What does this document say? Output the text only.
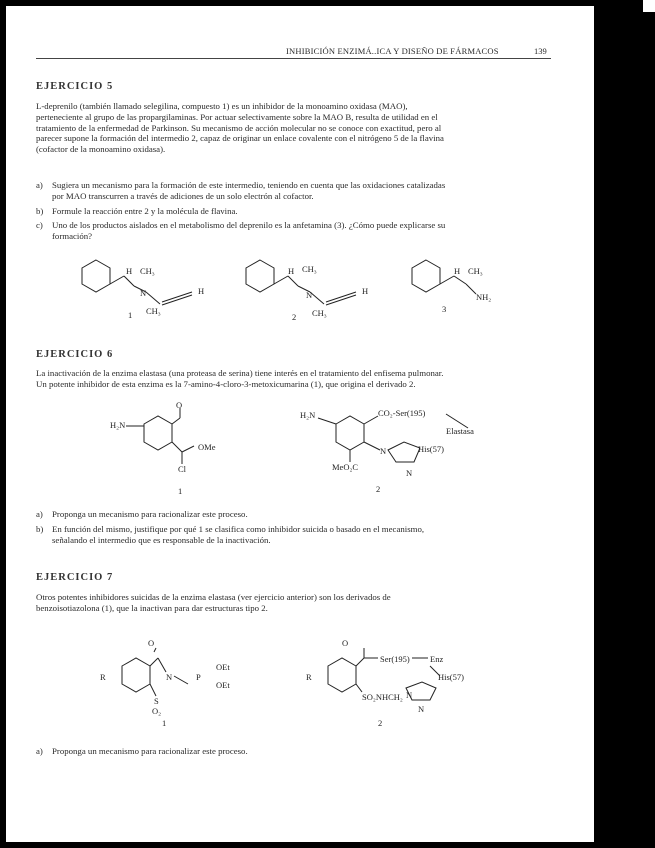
INHIBICIÓN ENZIMÁ..ICA Y DISEÑO DE FÁRMACOS	139
EJERCICIO 5
L-deprenilo (también llamado selegilina, compuesto 1) es un inhibidor de la monoamino oxidasa (MAO),
perteneciente al grupo de las propargilaminas. Por actuar selectivamente sobre la MAO B, resulta de utilidad en el
tratamiento de la enfermedad de Parkinson. Su mecanismo de acción molecular no se conoce con exactitud, pero al
parecer supone la formación del intermedio 2, capaz de originar un enlace covalente con el nitrógeno 5 de la flavina
(cofactor de la monoamino oxidasa).
a) Sugiera un mecanismo para la formación de este intermedio, teniendo en cuenta que las oxidaciones catalizadas
por MAO transcurren a través de adiciones de un solo electrón al cofactor.
b) Formule la reacción entre 2 y la molécula de flavina.
c) Uno de los productos aislados en el metabolismo del deprenilo es la anfetamina (3). ¿Cómo puede explicarse su
formación?
H CH₃
N
CH₃
H
1
H CH₃
N
CH₃
H
2
H CH₃
NH₂
3
EJERCICIO 6
La inactivación de la enzima elastasa (una proteasa de serina) tiene interés en el tratamiento del enfisema pulmonar.
Un potente inhibidor de esta enzima es la 7-amino-4-cloro-3-metoxicumarina (1), que origina el derivado 2.
H₂N
O
OMe
Cl
1
H₂N	CO₂-Ser(195)
Elastasa
N	His(57)
N
MeO₂C
2
a) Proponga un mecanismo para racionalizar este proceso.
b) En función del mismo, justifique por qué 1 se clasifica como inhibidor suicida o basado en el mecanismo,
señalando el intermedio que es responsable de la inactivación.
EJERCICIO 7
Otros potentes inhibidores suicidas de la enzima elastasa (ver ejercicio anterior) son los derivados de
benzoisotiazolona (1), que la inactivan para dar estructuras tipo 2.
O
R	N
S
O₂
P
OEt
OEt
1
O
R
Ser(195) Enz
His(57)
SO₂NHCH₂ N
N
2
a) Proponga un mecanismo para racionalizar este proceso.
